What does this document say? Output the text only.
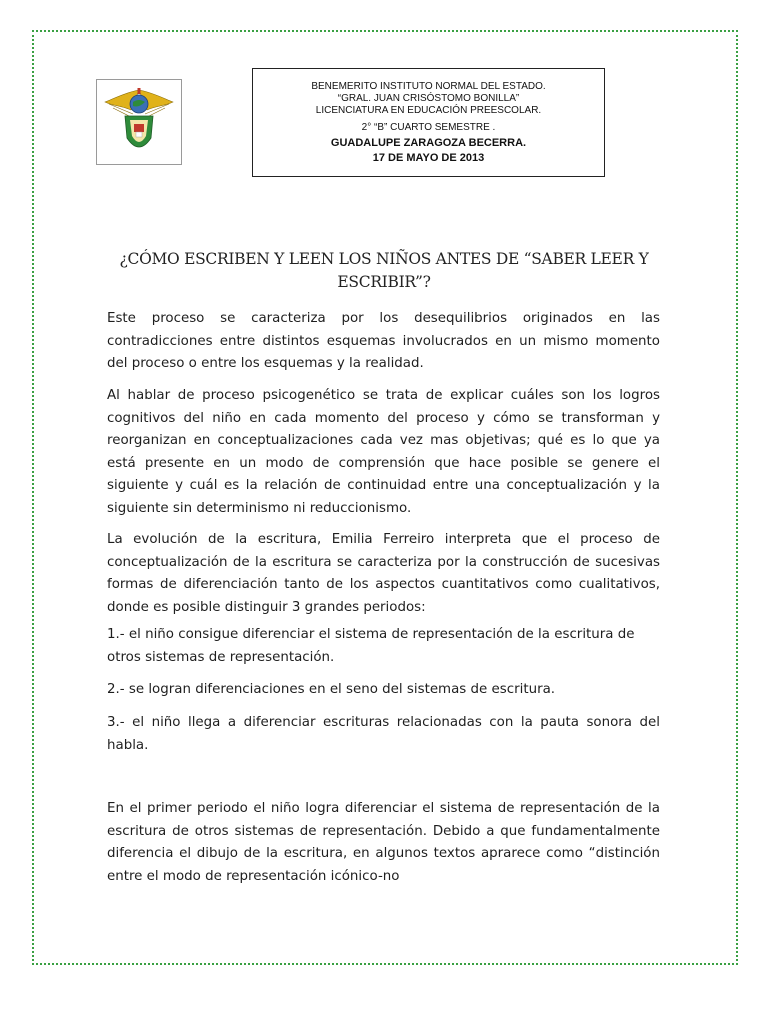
BENEMERITO INSTITUTO NORMAL DEL ESTADO.
“GRAL. JUAN CRISÓSTOMO BONILLA”
LICENCIATURA EN EDUCACIÓN PREESCOLAR.
2° “B” CUARTO SEMESTRE .
GUADALUPE ZARAGOZA BECERRA.
17 DE MAYO DE 2013
¿CÓMO ESCRIBEN Y LEEN LOS NIÑOS ANTES DE “SABER LEER Y ESCRIBIR”?

Este proceso se caracteriza por los desequilibrios originados en las contradicciones entre distintos esquemas involucrados en un mismo momento del proceso o entre los esquemas y la realidad.

Al hablar de proceso psicogenético se trata de explicar cuáles son los logros cognitivos del niño en cada momento del proceso y cómo se transforman y reorganizan en conceptualizaciones cada vez mas objetivas; qué es lo que ya está presente en un modo de comprensión que hace posible se genere el siguiente y cuál es la relación de continuidad entre una conceptualización y la siguiente sin determinismo ni reduccionismo.

La evolución de la escritura, Emilia Ferreiro interpreta que el proceso de conceptualización de la escritura se caracteriza por la construcción de sucesivas formas de diferenciación tanto de los aspectos cuantitativos como cualitativos, donde es posible distinguir 3 grandes periodos:

1.- el niño consigue diferenciar el sistema de representación de la escritura de otros sistemas de representación.

2.- se logran diferenciaciones en el seno del sistemas de escritura.

3.- el niño llega a diferenciar escrituras relacionadas con la pauta sonora del habla.

En el primer periodo el niño logra diferenciar el sistema de representación de la escritura de otros sistemas de representación. Debido a que fundamentalmente diferencia el dibujo de la escritura, en algunos textos aprarece como “distinción entre el modo de representación icónico-no
